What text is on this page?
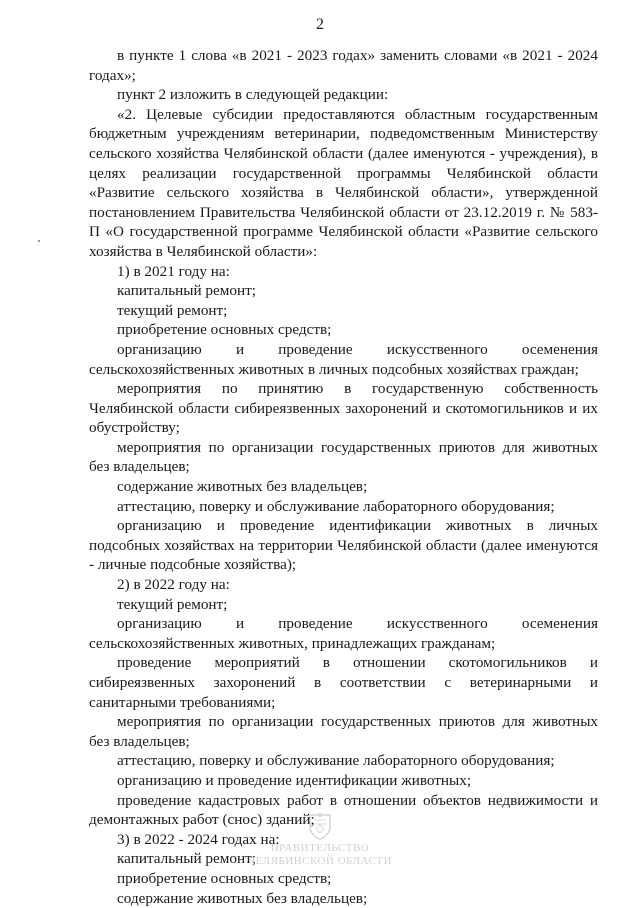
2

в пункте 1 слова «в 2021 - 2023 годах» заменить словами «в 2021 - 2024 годах»;

пункт 2 изложить в следующей редакции:

«2. Целевые субсидии предоставляются областным государственным бюджетным учреждениям ветеринарии, подведомственным Министерству сельского хозяйства Челябинской области (далее именуются - учреждения), в целях реализации государственной программы Челябинской области «Развитие сельского хозяйства в Челябинской области», утвержденной постановлением Правительства Челябинской области от 23.12.2019 г. № 583-П «О государственной программе Челябинской области «Развитие сельского хозяйства в Челябинской области»:

1) в 2021 году на:

капитальный ремонт;

текущий ремонт;

приобретение основных средств;

организацию и проведение искусственного осеменения сельскохозяйственных животных в личных подсобных хозяйствах граждан;

мероприятия по принятию в государственную собственность Челябинской области сибиреязвенных захоронений и скотомогильников и их обустройству;

мероприятия по организации государственных приютов для животных без владельцев;

содержание животных без владельцев;

аттестацию, поверку и обслуживание лабораторного оборудования;

организацию и проведение идентификации животных в личных подсобных хозяйствах на территории Челябинской области (далее именуются - личные подсобные хозяйства);

2) в 2022 году на:

текущий ремонт;

организацию и проведение искусственного осеменения сельскохозяйственных животных, принадлежащих гражданам;

проведение мероприятий в отношении скотомогильников и сибиреязвенных захоронений в соответствии с ветеринарными и санитарными требованиями;

мероприятия по организации государственных приютов для животных без владельцев;

аттестацию, поверку и обслуживание лабораторного оборудования;

организацию и проведение идентификации животных;

проведение кадастровых работ в отношении объектов недвижимости и демонтажных работ (снос) зданий;

3) в 2022 - 2024 годах на:

капитальный ремонт;

приобретение основных средств;

содержание животных без владельцев;

ПРАВИТЕЛЬСТВО
ЧЕЛЯБИНСКОЙ ОБЛАСТИ
